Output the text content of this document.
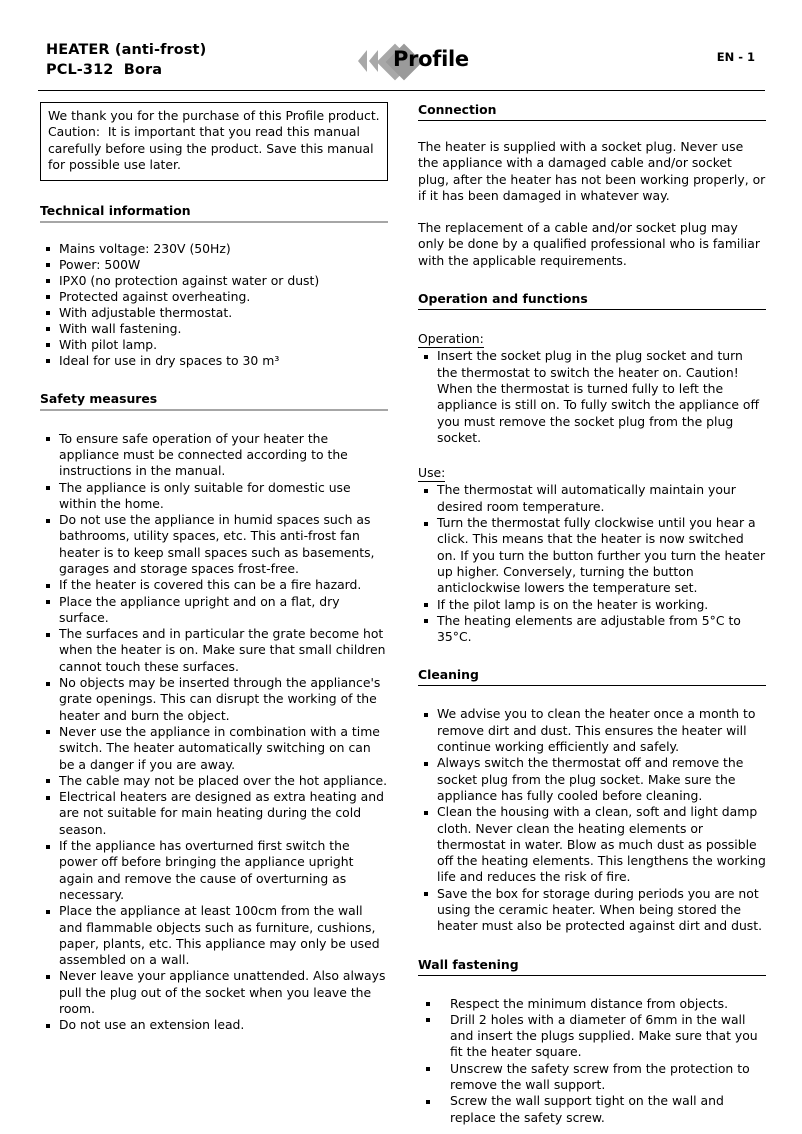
HEATER (anti-frost)
PCL-312  Bora	Profile	EN - 1
We thank you for the purchase of this Profile product.
Caution:  It is important that you read this manual
carefully before using the product. Save this manual
for possible use later.
Technical information
Mains voltage: 230V (50Hz)
Power: 500W
IPX0 (no protection against water or dust)
Protected against overheating.
With adjustable thermostat.
With wall fastening.
With pilot lamp.
Ideal for use in dry spaces to 30 m³
Safety measures
To ensure safe operation of your heater the appliance must be connected according to the instructions in the manual.
The appliance is only suitable for domestic use within the home.
Do not use the appliance in humid spaces such as bathrooms, utility spaces, etc. This anti-frost fan heater is to keep small spaces such as basements, garages and storage spaces frost-free.
If the heater is covered this can be a fire hazard.
Place the appliance upright and on a flat, dry surface.
The surfaces and in particular the grate become hot when the heater is on. Make sure that small children cannot touch these surfaces.
No objects may be inserted through the appliance's grate openings. This can disrupt the working of the heater and burn the object.
Never use the appliance in combination with a time switch. The heater automatically switching on can be a danger if you are away.
The cable may not be placed over the hot appliance.
Electrical heaters are designed as extra heating and are not suitable for main heating during the cold season.
If the appliance has overturned first switch the power off before bringing the appliance upright again and remove the cause of overturning as necessary.
Place the appliance at least 100cm from the wall and flammable objects such as furniture, cushions, paper, plants, etc. This appliance may only be used assembled on a wall.
Never leave your appliance unattended. Also always pull the plug out of the socket when you leave the room.
Do not use an extension lead.
Connection
The heater is supplied with a socket plug. Never use the appliance with a damaged cable and/or socket plug, after the heater has not been working properly, or if it has been damaged in whatever way.
The replacement of a cable and/or socket plug may only be done by a qualified professional who is familiar with the applicable requirements.
Operation and functions
Operation:
Insert the socket plug in the plug socket and turn the thermostat to switch the heater on. Caution! When the thermostat is turned fully to left the appliance is still on. To fully switch the appliance off you must remove the socket plug from the plug socket.
Use:
The thermostat will automatically maintain your desired room temperature.
Turn the thermostat fully clockwise until you hear a click. This means that the heater is now switched on. If you turn the button further you turn the heater up higher. Conversely, turning the button anticlockwise lowers the temperature set.
If the pilot lamp is on the heater is working.
The heating elements are adjustable from 5°C to 35°C.
Cleaning
We advise you to clean the heater once a month to remove dirt and dust. This ensures the heater will continue working efficiently and safely.
Always switch the thermostat off and remove the socket plug from the plug socket. Make sure the appliance has fully cooled before cleaning.
Clean the housing with a clean, soft and light damp cloth. Never clean the heating elements or thermostat in water. Blow as much dust as possible off the heating elements. This lengthens the working life and reduces the risk of fire.
Save the box for storage during periods you are not using the ceramic heater. When being stored the heater must also be protected against dirt and dust.
Wall fastening
Respect the minimum distance from objects.
Drill 2 holes with a diameter of 6mm in the wall and insert the plugs supplied. Make sure that you fit the heater square.
Unscrew the safety screw from the protection to remove the wall support.
Screw the wall support tight on the wall and replace the safety screw.
